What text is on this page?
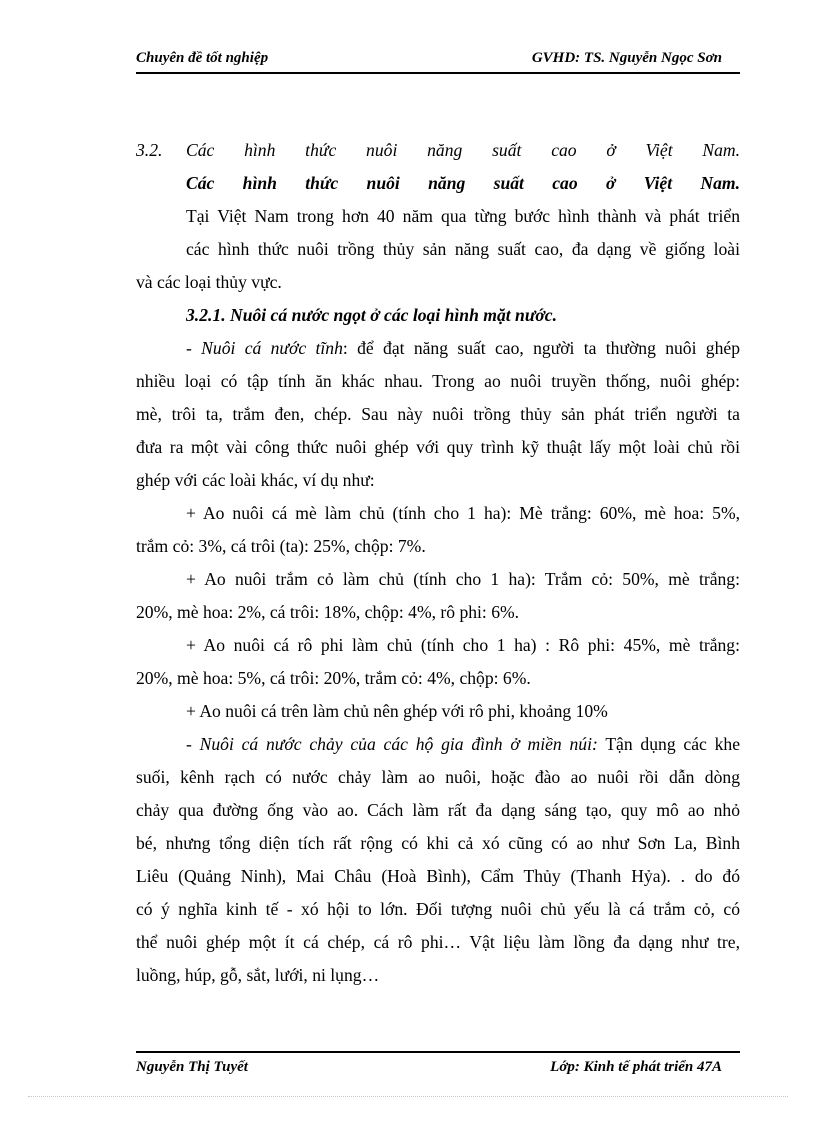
Chuyên đề tốt nghiệp	GVHD: TS. Nguyễn Ngọc Sơn
3.2. Các hình thức nuôi năng suất cao ở Việt Nam.
Các hình thức nuôi năng suất cao ở Việt Nam.
Tại Việt Nam trong hơn 40 năm qua từng bước hình thành và phát triển
các hình thức nuôi trồng thủy sản năng suất cao, đa dạng về giống loài
và các loại thủy vực.
3.2.1. Nuôi cá nước ngọt ở các loại hình mặt nước.
- Nuôi cá nước tĩnh: để đạt năng suất cao, người ta thường nuôi ghép
nhiều loại có tập tính ăn khác nhau. Trong ao nuôi truyền thống, nuôi ghép:
mè, trôi ta, trắm đen, chép. Sau này nuôi trồng thủy sản phát triển người ta
đưa ra một vài công thức nuôi ghép với quy trình kỹ thuật lấy một loài chủ rồi
ghép với các loài khác, ví dụ như:
+ Ao nuôi cá mè làm chủ (tính cho 1 ha): Mè trắng: 60%, mè hoa: 5%,
trắm cỏ: 3%, cá trôi (ta): 25%, chộp: 7%.
+ Ao nuôi trắm cỏ làm chủ (tính cho 1 ha): Trắm cỏ: 50%, mè trắng:
20%, mè hoa: 2%, cá trôi: 18%, chộp: 4%, rô phi: 6%.
+ Ao nuôi cá rô phi làm chủ (tính cho 1 ha) : Rô phi: 45%, mè trắng:
20%, mè hoa: 5%, cá trôi: 20%, trắm cỏ: 4%, chộp: 6%.
+ Ao nuôi cá trên làm chủ nên ghép với rô phi, khoảng 10%
- Nuôi cá nước chảy của các hộ gia đình ở miền núi: Tận dụng các khe
suối, kênh rạch có nước chảy làm ao nuôi, hoặc đào ao nuôi rồi dẫn dòng
chảy qua đường ống vào ao. Cách làm rất đa dạng sáng tạo, quy mô ao nhỏ
bé, nhưng tổng diện tích rất rộng có khi cả xó cũng có ao như Sơn La, Bình
Liêu (Quảng Ninh), Mai Châu (Hoà Bình), Cẩm Thủy (Thanh Hỷa). . do đó
có ý nghĩa kinh tế - xó hội to lớn. Đối tượng nuôi chủ yếu là cá trắm cỏ, có
thể nuôi ghép một ít cá chép, cá rô phi… Vật liệu làm lồng đa dạng như tre,
luồng, húp, gỗ, sắt, lưới, ni lụng…
Nguyễn Thị Tuyết	Lớp: Kinh tế phát triển 47A
